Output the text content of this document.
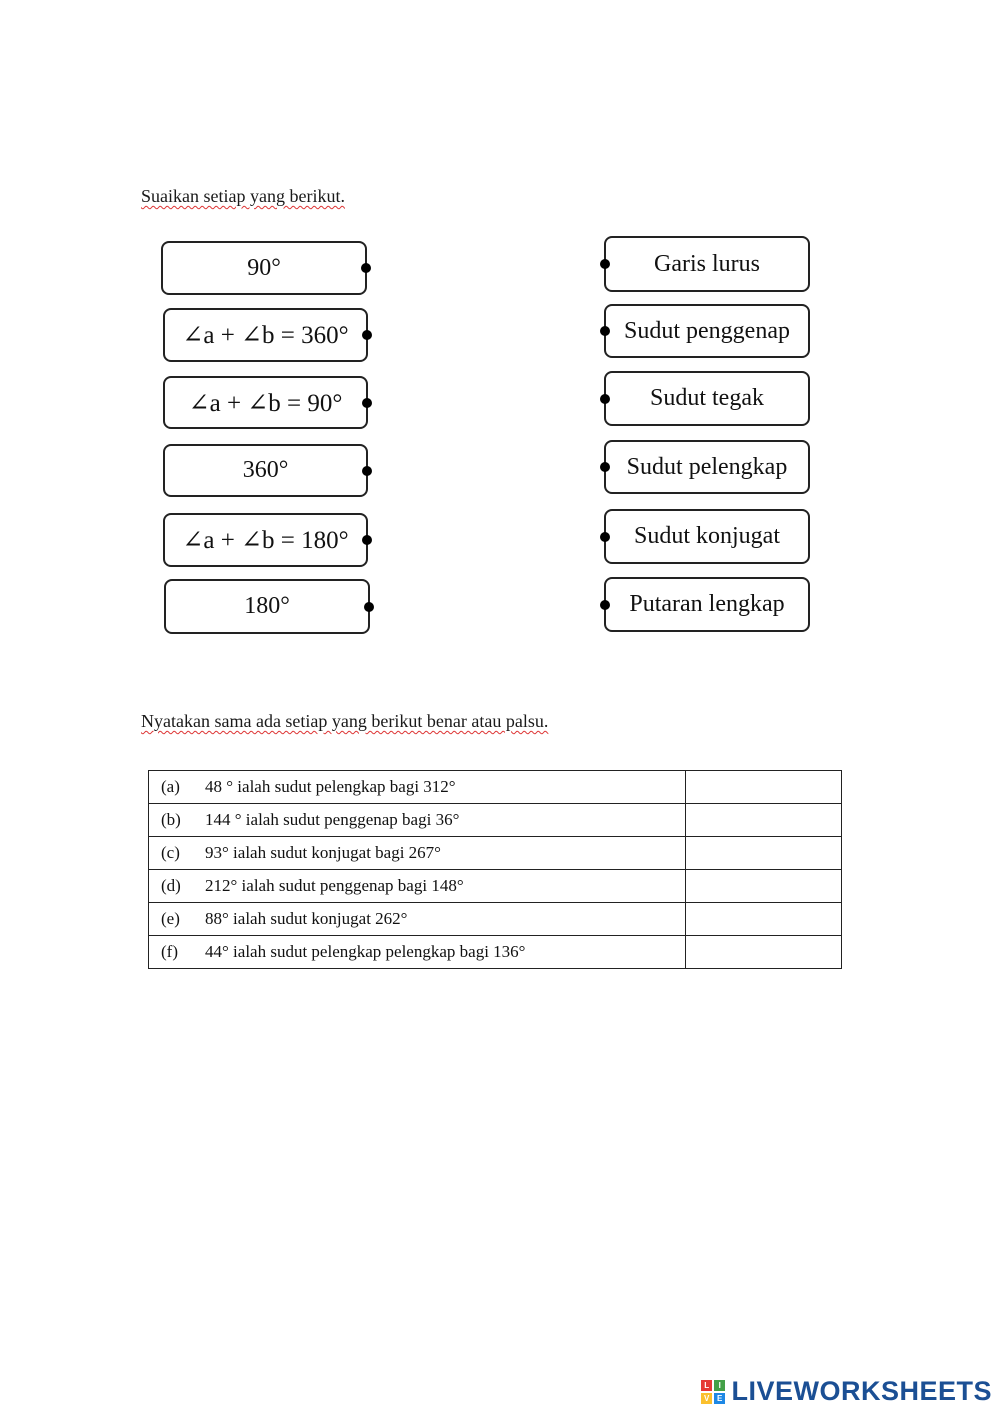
Suaikan setiap yang berikut.
90°
∠a + ∠b = 360°
∠a + ∠b = 90°
360°
∠a + ∠b = 180°
180°
Garis lurus
Sudut penggenap
Sudut tegak
Sudut pelengkap
Sudut konjugat
Putaran lengkap
Nyatakan sama ada setiap yang berikut benar atau palsu.
(a) 48 ° ialah sudut pelengkap bagi 312°	
(b) 144 ° ialah sudut penggenap bagi 36°	
(c) 93° ialah sudut konjugat bagi 267°	
(d) 212° ialah sudut penggenap bagi 148°	
(e) 88° ialah sudut konjugat 262°	
(f) 44° ialah sudut pelengkap pelengkap bagi 136°	
L	I
V E LIVEWORKSHEETS
